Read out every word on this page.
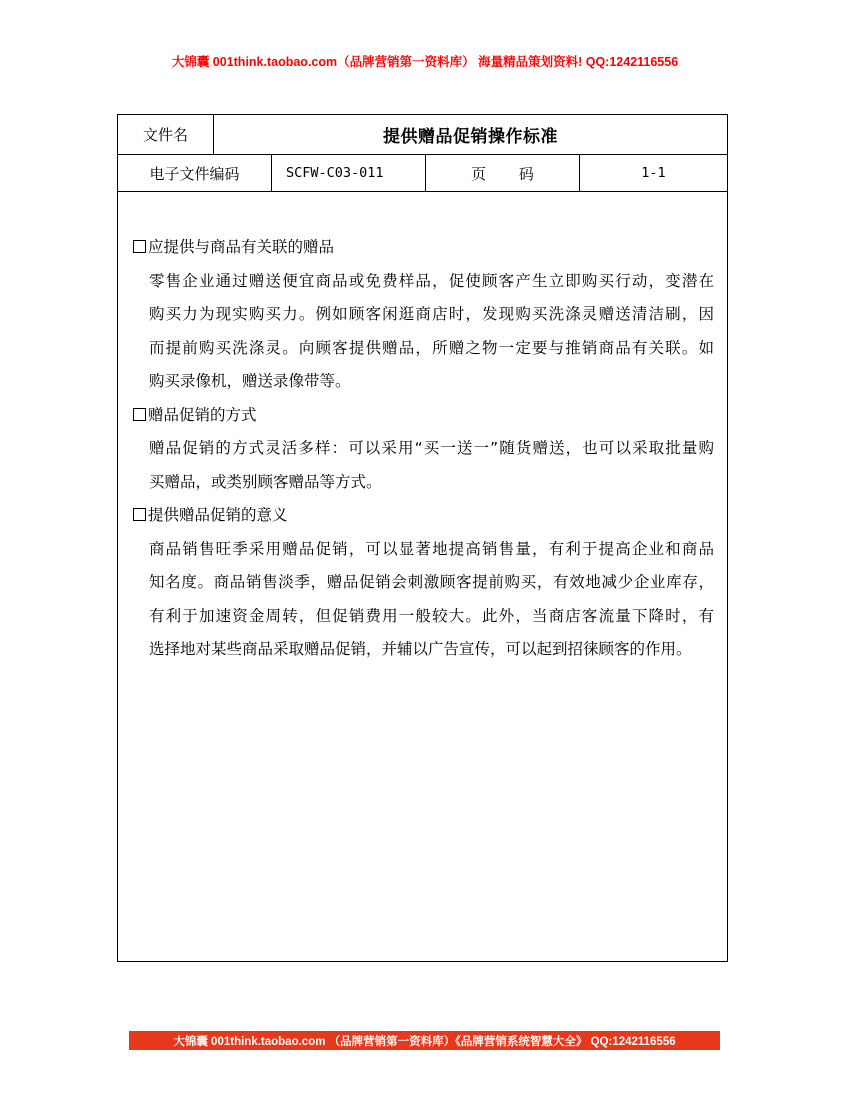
大锦囊 001think.taobao.com（品牌营销第一资料库） 海量精品策划资料! QQ:1242116556
文件名	提供赠品促销操作标准
电子文件编码	SCFW-C03-011	页 码	1-1
应提供与商品有关联的赠品
零售企业通过赠送便宜商品或免费样品，促使顾客产生立即购买行动，变潜在
购买力为现实购买力。例如顾客闲逛商店时，发现购买洗涤灵赠送清洁刷，因
而提前购买洗涤灵。向顾客提供赠品，所赠之物一定要与推销商品有关联。如
购买录像机，赠送录像带等。
赠品促销的方式
赠品促销的方式灵活多样：可以采用“买一送一”随货赠送，也可以采取批量购
买赠品，或类别顾客赠品等方式。
提供赠品促销的意义
商品销售旺季采用赠品促销，可以显著地提高销售量，有利于提高企业和商品
知名度。商品销售淡季，赠品促销会刺激顾客提前购买，有效地减少企业库存，
有利于加速资金周转，但促销费用一般较大。此外，当商店客流量下降时，有
选择地对某些商品采取赠品促销，并辅以广告宣传，可以起到招徕顾客的作用。
大锦囊 001think.taobao.com （品牌营销第一资料库）《品牌营销系统智慧大全》 QQ:1242116556
